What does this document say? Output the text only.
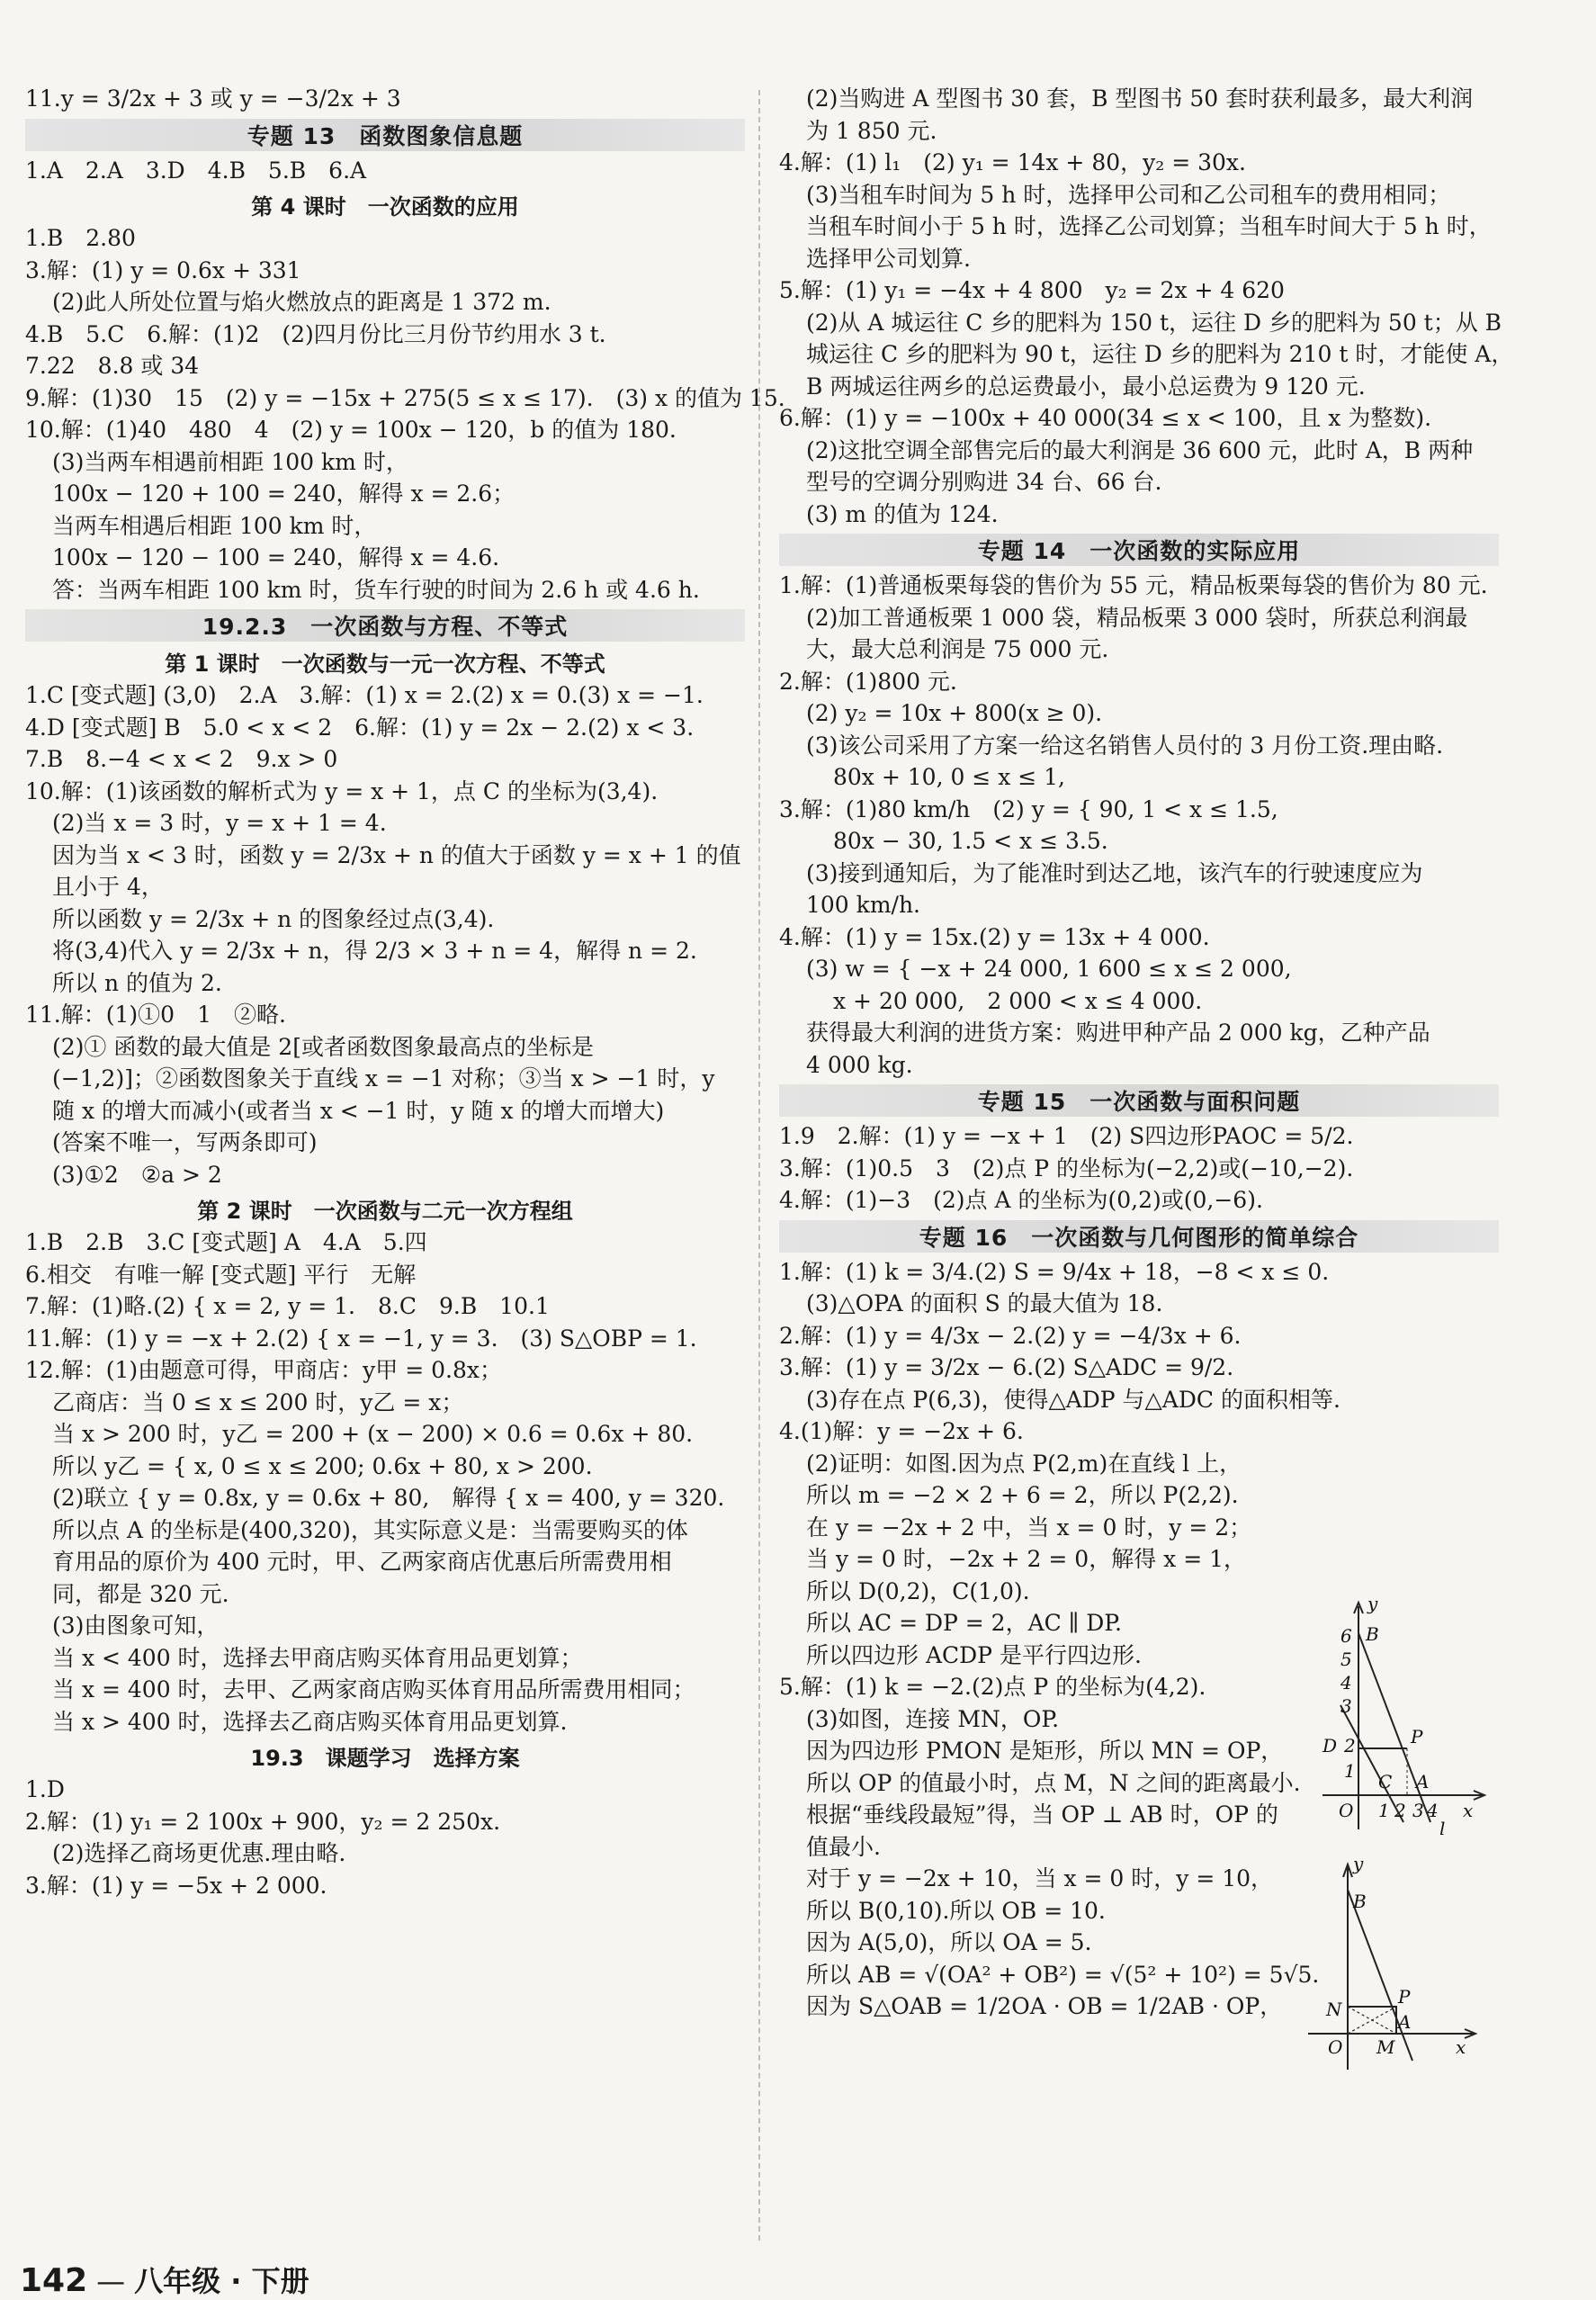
11.y = 3/2x + 3 或 y = −3/2x + 3
专题 13　函数图象信息题
1.A　2.A　3.D　4.B　5.B　6.A
第 4 课时　一次函数的应用
1.B　2.80
3.解：(1) y = 0.6x + 331
(2)此人所处位置与焰火燃放点的距离是 1 372 m.
4.B　5.C　6.解：(1)2　(2)四月份比三月份节约用水 3 t.
7.22　8.8 或 34
9.解：(1)30　15　(2) y = −15x + 275(5 ≤ x ≤ 17).　(3) x 的值为 15.
10.解：(1)40　480　4　(2) y = 100x − 120，b 的值为 180.
(3)当两车相遇前相距 100 km 时，
100x − 120 + 100 = 240，解得 x = 2.6；
当两车相遇后相距 100 km 时，
100x − 120 − 100 = 240，解得 x = 4.6.
答：当两车相距 100 km 时，货车行驶的时间为 2.6 h 或 4.6 h.
19.2.3　一次函数与方程、不等式
第 1 课时　一次函数与一元一次方程、不等式
1.C [变式题] (3,0)　2.A　3.解：(1) x = 2.(2) x = 0.(3) x = −1.
4.D [变式题] B　5.0 < x < 2　6.解：(1) y = 2x − 2.(2) x < 3.
7.B　8.−4 < x < 2　9.x > 0
10.解：(1)该函数的解析式为 y = x + 1，点 C 的坐标为(3,4).
(2)当 x = 3 时，y = x + 1 = 4.
因为当 x < 3 时，函数 y = 2/3x + n 的值大于函数 y = x + 1 的值
且小于 4，
所以函数 y = 2/3x + n 的图象经过点(3,4).
将(3,4)代入 y = 2/3x + n，得 2/3 × 3 + n = 4，解得 n = 2.
所以 n 的值为 2.
11.解：(1)①0　1　②略.
(2)① 函数的最大值是 2[或者函数图象最高点的坐标是
(−1,2)]；②函数图象关于直线 x = −1 对称；③当 x > −1 时，y
随 x 的增大而减小(或者当 x < −1 时，y 随 x 的增大而增大)
(答案不唯一，写两条即可)
(3)①2　②a > 2
第 2 课时　一次函数与二元一次方程组
1.B　2.B　3.C [变式题] A　4.A　5.四
6.相交　有唯一解 [变式题] 平行　无解
7.解：(1)略.(2) { x = 2, y = 1.　8.C　9.B　10.1
11.解：(1) y = −x + 2.(2) { x = −1, y = 3.　(3) S△OBP = 1.
12.解：(1)由题意可得，甲商店：y甲 = 0.8x；
乙商店：当 0 ≤ x ≤ 200 时，y乙 = x；
当 x > 200 时，y乙 = 200 + (x − 200) × 0.6 = 0.6x + 80.
所以 y乙 = { x, 0 ≤ x ≤ 200; 0.6x + 80, x > 200.
(2)联立 { y = 0.8x, y = 0.6x + 80,　解得 { x = 400, y = 320.
所以点 A 的坐标是(400,320)，其实际意义是：当需要购买的体
育用品的原价为 400 元时，甲、乙两家商店优惠后所需费用相
同，都是 320 元.
(3)由图象可知，
当 x < 400 时，选择去甲商店购买体育用品更划算；
当 x = 400 时，去甲、乙两家商店购买体育用品所需费用相同；
当 x > 400 时，选择去乙商店购买体育用品更划算.
19.3　课题学习　选择方案
1.D
2.解：(1) y₁ = 2 100x + 900，y₂ = 2 250x.
(2)选择乙商场更优惠.理由略.
3.解：(1) y = −5x + 2 000.
(2)当购进 A 型图书 30 套，B 型图书 50 套时获利最多，最大利润
为 1 850 元.
4.解：(1) l₁　(2) y₁ = 14x + 80，y₂ = 30x.
(3)当租车时间为 5 h 时，选择甲公司和乙公司租车的费用相同；
当租车时间小于 5 h 时，选择乙公司划算；当租车时间大于 5 h 时，
选择甲公司划算.
5.解：(1) y₁ = −4x + 4 800　y₂ = 2x + 4 620
(2)从 A 城运往 C 乡的肥料为 150 t，运往 D 乡的肥料为 50 t；从 B
城运往 C 乡的肥料为 90 t，运往 D 乡的肥料为 210 t 时，才能使 A，
B 两城运往两乡的总运费最小，最小总运费为 9 120 元.
6.解：(1) y = −100x + 40 000(34 ≤ x < 100，且 x 为整数).
(2)这批空调全部售完后的最大利润是 36 600 元，此时 A，B 两种
型号的空调分别购进 34 台、66 台.
(3) m 的值为 124.
专题 14　一次函数的实际应用
1.解：(1)普通板栗每袋的售价为 55 元，精品板栗每袋的售价为 80 元.
(2)加工普通板栗 1 000 袋，精品板栗 3 000 袋时，所获总利润最
大，最大总利润是 75 000 元.
2.解：(1)800 元.
(2) y₂ = 10x + 800(x ≥ 0).
(3)该公司采用了方案一给这名销售人员付的 3 月份工资.理由略.
80x + 10, 0 ≤ x ≤ 1,
3.解：(1)80 km/h　(2) y = { 90, 1 < x ≤ 1.5,
80x − 30, 1.5 < x ≤ 3.5.
(3)接到通知后，为了能准时到达乙地，该汽车的行驶速度应为
100 km/h.
4.解：(1) y = 15x.(2) y = 13x + 4 000.
(3) w = { −x + 24 000, 1 600 ≤ x ≤ 2 000,
x + 20 000,　2 000 < x ≤ 4 000.
获得最大利润的进货方案：购进甲种产品 2 000 kg，乙种产品
4 000 kg.
专题 15　一次函数与面积问题
1.9　2.解：(1) y = −x + 1　(2) S四边形PAOC = 5/2.
3.解：(1)0.5　3　(2)点 P 的坐标为(−2,2)或(−10,−2).
4.解：(1)−3　(2)点 A 的坐标为(0,2)或(0,−6).
专题 16　一次函数与几何图形的简单综合
1.解：(1) k = 3/4.(2) S = 9/4x + 18，−8 < x ≤ 0.
(3)△OPA 的面积 S 的最大值为 18.
2.解：(1) y = 4/3x − 2.(2) y = −4/3x + 6.
3.解：(1) y = 3/2x − 6.(2) S△ADC = 9/2.
(3)存在点 P(6,3)，使得△ADP 与△ADC 的面积相等.
4.(1)解：y = −2x + 6.
(2)证明：如图.因为点 P(2,m)在直线 l 上，
所以 m = −2 × 2 + 6 = 2，所以 P(2,2).
在 y = −2x + 2 中，当 x = 0 时，y = 2；
当 y = 0 时，−2x + 2 = 0，解得 x = 1，
所以 D(0,2)，C(1,0).
所以 AC = DP = 2，AC ∥ DP.
所以四边形 ACDP 是平行四边形.
5.解：(1) k = −2.(2)点 P 的坐标为(4,2).
(3)如图，连接 MN，OP.
因为四边形 PMON 是矩形，所以 MN = OP，
所以 OP 的值最小时，点 M，N 之间的距离最小.
根据“垂线段最短”得，当 OP ⊥ AB 时，OP 的
值最小.
对于 y = −2x + 10，当 x = 0 时，y = 10，
所以 B(0,10).所以 OB = 10.
因为 A(5,0)，所以 OA = 5.
所以 AB = √(OA² + OB²) = √(5² + 10²) = 5√5.
因为 S△OAB = 1/2OA · OB = 1/2AB · OP，
y
6
5
4
3
2
1
B
D	P
C A
O 1 2 3 4 x
l
y
B
P
N
A
O M	x
142 — 八年级 · 下册
